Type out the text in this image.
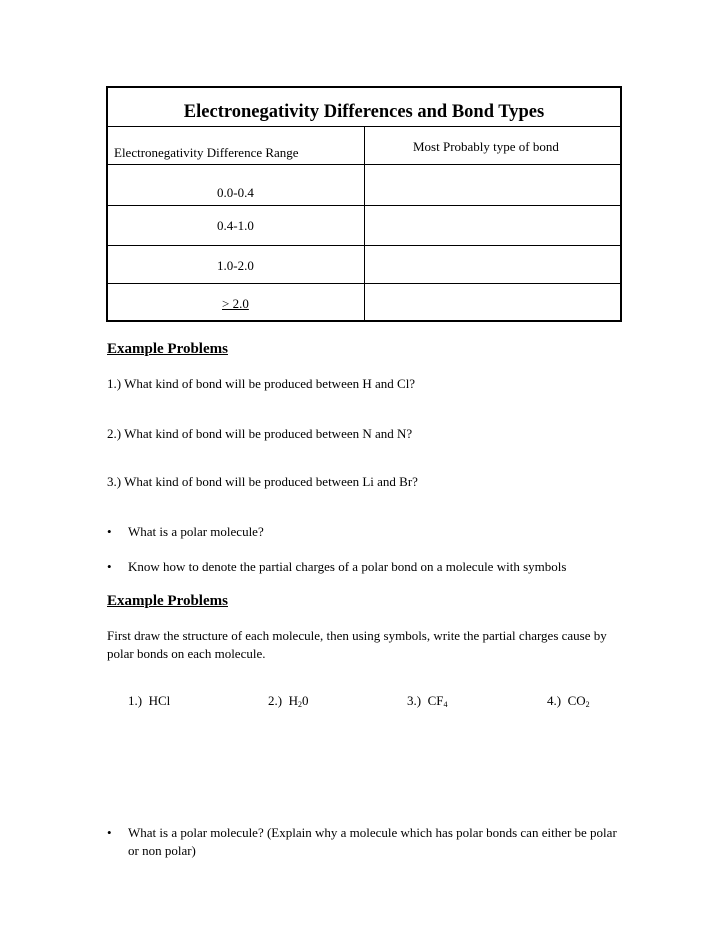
Electronegativity Differences and Bond Types
Electronegativity Difference Range	Most Probably type of bond
0.0-0.4
0.4-1.0
1.0-2.0
> 2.0
Example Problems
1.) What kind of bond will be produced between H and Cl?
2.) What kind of bond will be produced between N and N?
3.) What kind of bond will be produced between Li and Br?
• What is a polar molecule?
• Know how to denote the partial charges of a polar bond on a molecule with symbols
Example Problems
First draw the structure of each molecule, then using symbols, write the partial charges cause by polar bonds on each molecule.
1.) HCl	2.) $H_20$	3.) $CF_4$	4.) $CO_2$
• What is a polar molecule? (Explain why a molecule which has polar bonds can either be polar or non polar)
